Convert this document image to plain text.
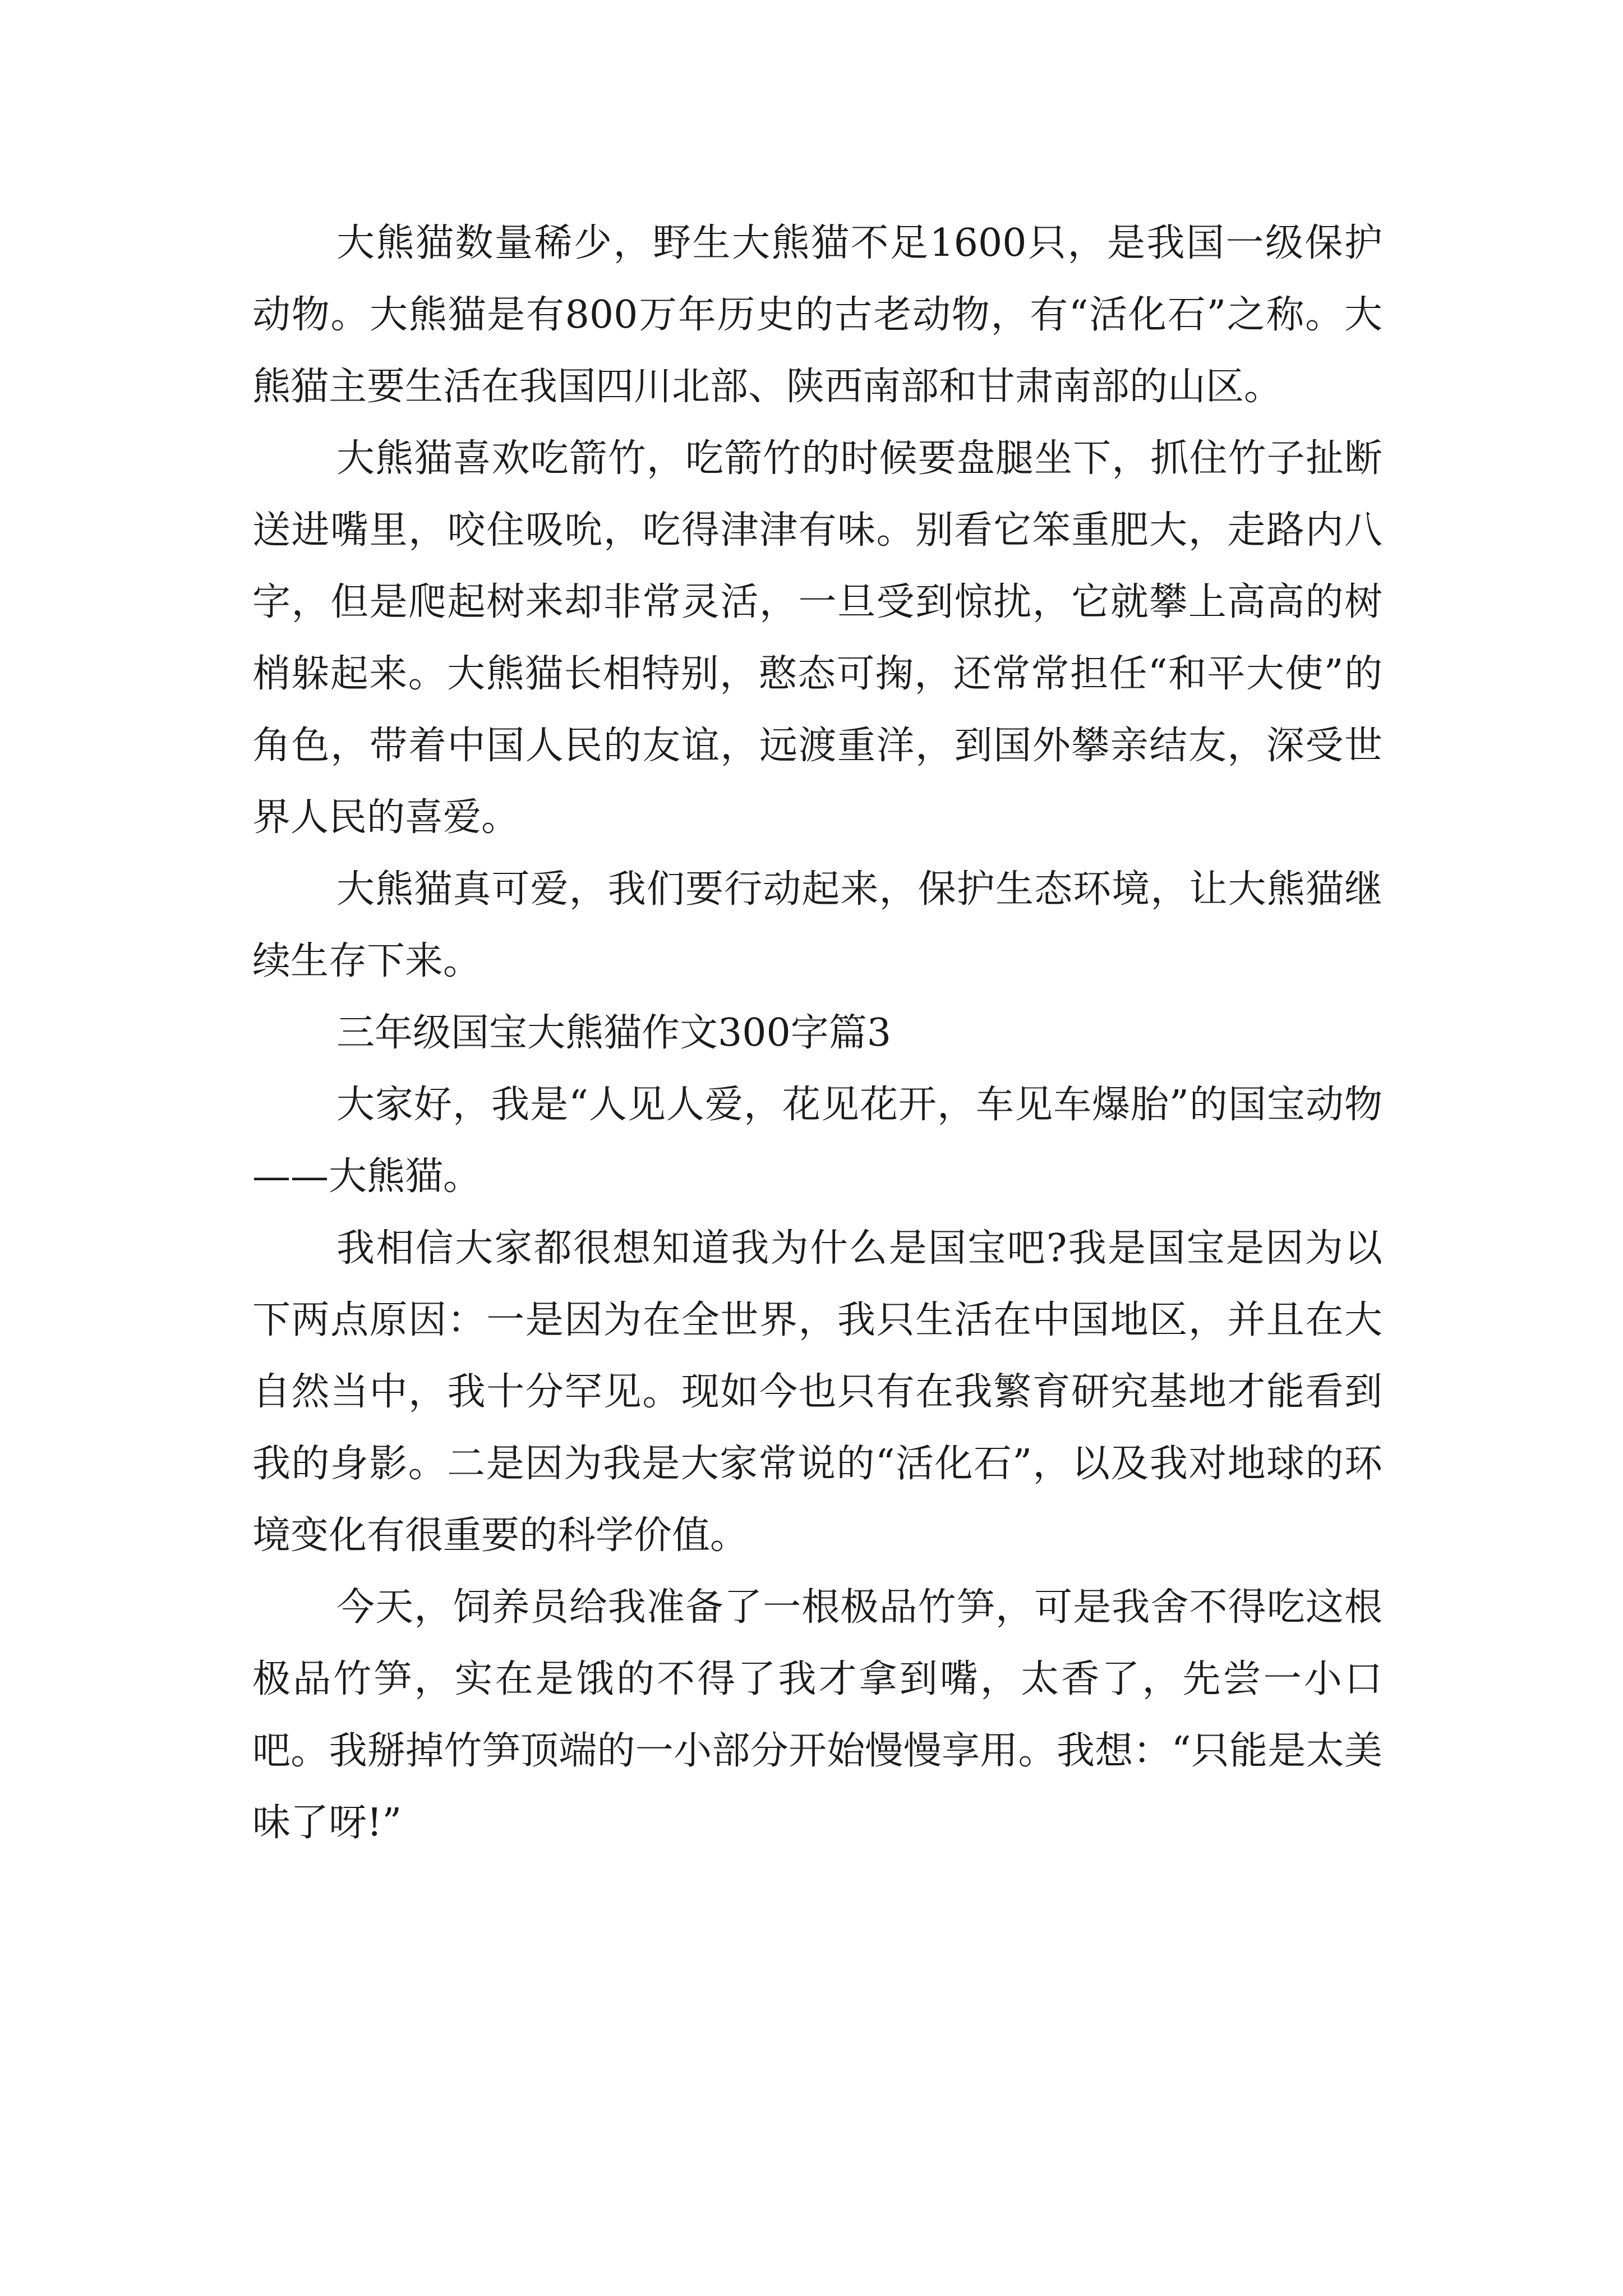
大熊猫数量稀少，野生大熊猫不足1600只，是我国一级保护动物。大熊猫是有800万年历史的古老动物，有“活化石”之称。大熊猫主要生活在我国四川北部、陕西南部和甘肃南部的山区。

大熊猫喜欢吃箭竹，吃箭竹的时候要盘腿坐下，抓住竹子扯断送进嘴里，咬住吸吮，吃得津津有味。别看它笨重肥大，走路内八字，但是爬起树来却非常灵活，一旦受到惊扰，它就攀上高高的树梢躲起来。大熊猫长相特别，憨态可掬，还常常担任“和平大使”的角色，带着中国人民的友谊，远渡重洋，到国外攀亲结友，深受世界人民的喜爱。

大熊猫真可爱，我们要行动起来，保护生态环境，让大熊猫继续生存下来。

三年级国宝大熊猫作文300字篇3

大家好，我是“人见人爱，花见花开，车见车爆胎”的国宝动物——大熊猫。

我相信大家都很想知道我为什么是国宝吧?我是国宝是因为以下两点原因：一是因为在全世界，我只生活在中国地区，并且在大自然当中，我十分罕见。现如今也只有在我繁育研究基地才能看到我的身影。二是因为我是大家常说的“活化石”，以及我对地球的环境变化有很重要的科学价值。

今天，饲养员给我准备了一根极品竹笋，可是我舍不得吃这根极品竹笋，实在是饿的不得了我才拿到嘴，太香了，先尝一小口吧。我掰掉竹笋顶端的一小部分开始慢慢享用。我想：“只能是太美味了呀!”
